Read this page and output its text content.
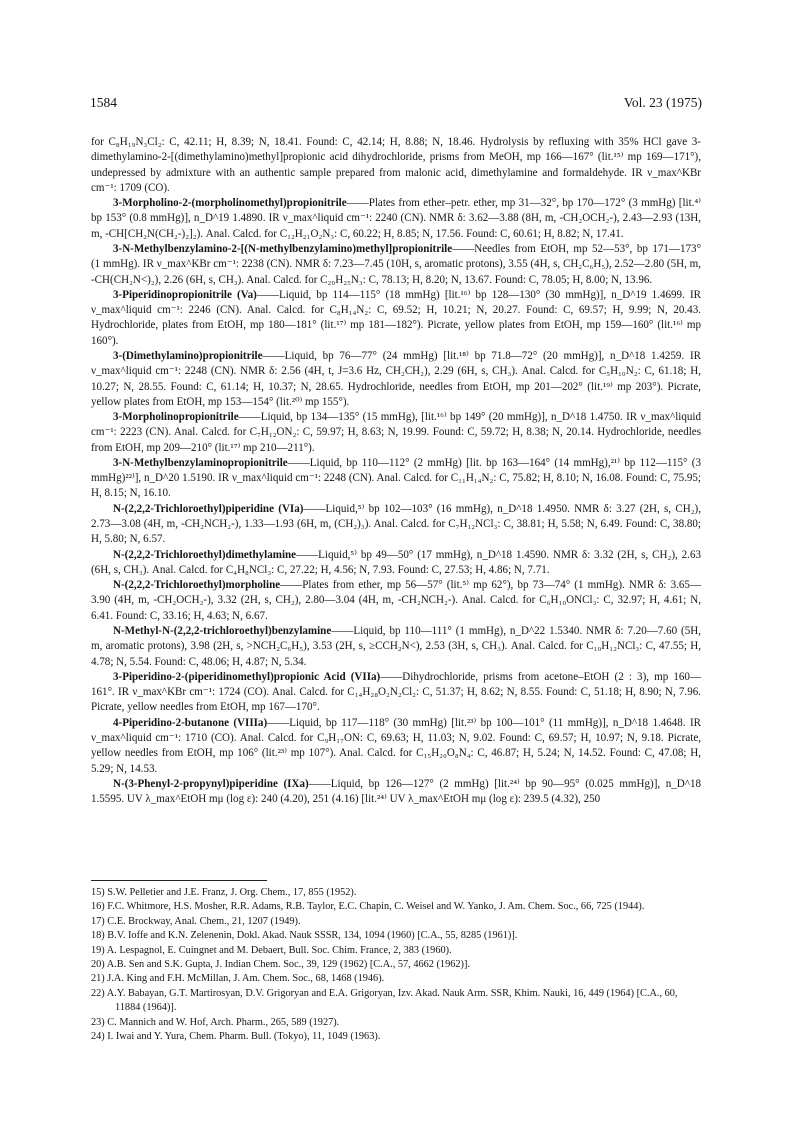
1584	Vol. 23 (1975)

for C₈H₁₉N₃Cl₂: C, 42.11; H, 8.39; N, 18.41. Found: C, 42.14; H, 8.88; N, 18.46. Hydrolysis by refluxing with 35% HCl gave 3-dimethylamino-2-[(dimethylamino)methyl]propionic acid dihydrochloride, prisms from MeOH, mp 166—167° (lit.¹⁵⁾ mp 169—171°), undepressed by admixture with an authentic sample prepared from malonic acid, dimethylamine and formaldehyde. IR ν_max^KBr cm⁻¹: 1709 (CO).

3-Morpholino-2-(morpholinomethyl)propionitrile——Plates from ether–petr. ether, mp 31—32°, bp 170—172° (3 mmHg) [lit.⁴⁾ bp 153° (0.8 mmHg)], n_D^19 1.4890. IR ν_max^liquid cm⁻¹: 2240 (CN). NMR δ: 3.62—3.88 (8H, m, -CH₂OCH₂-), 2.43—2.93 (13H, m, -CH[CH₂N(CH₂-)₂]₂). Anal. Calcd. for C₁₂H₂₁O₂N₃: C, 60.22; H, 8.85; N, 17.56. Found: C, 60.61; H, 8.82; N, 17.41.

3-N-Methylbenzylamino-2-[(N-methylbenzylamino)methyl]propionitrile——Needles from EtOH, mp 52—53°, bp 171—173° (1 mmHg). IR ν_max^KBr cm⁻¹: 2238 (CN). NMR δ: 7.23—7.45 (10H, s, aromatic protons), 3.55 (4H, s, CH₂C₆H₅), 2.52—2.80 (5H, m, -CH(CH₂N<)₂), 2.26 (6H, s, CH₃). Anal. Calcd. for C₂₀H₂₅N₃: C, 78.13; H, 8.20; N, 13.67. Found: C, 78.05; H, 8.00; N, 13.96.

3-Piperidinopropionitrile (Va)——Liquid, bp 114—115° (18 mmHg) [lit.¹⁶⁾ bp 128—130° (30 mmHg)], n_D^19 1.4699. IR ν_max^liquid cm⁻¹: 2246 (CN). Anal. Calcd. for C₈H₁₄N₂: C, 69.52; H, 10.21; N, 20.27. Found: C, 69.57; H, 9.99; N, 20.43. Hydrochloride, plates from EtOH, mp 180—181° (lit.¹⁷⁾ mp 181—182°). Picrate, yellow plates from EtOH, mp 159—160° (lit.¹⁶⁾ mp 160°).

3-(Dimethylamino)propionitrile——Liquid, bp 76—77° (24 mmHg) [lit.¹⁸⁾ bp 71.8—72° (20 mmHg)], n_D^18 1.4259. IR ν_max^liquid cm⁻¹: 2248 (CN). NMR δ: 2.56 (4H, t, J=3.6 Hz, CH₂CH₂), 2.29 (6H, s, CH₃). Anal. Calcd. for C₅H₁₀N₂: C, 61.18; H, 10.27; N, 28.55. Found: C, 61.14; H, 10.37; N, 28.65. Hydrochloride, needles from EtOH, mp 201—202° (lit.¹⁹⁾ mp 203°). Picrate, yellow plates from EtOH, mp 153—154° (lit.²⁰⁾ mp 155°).

3-Morpholinopropionitrile——Liquid, bp 134—135° (15 mmHg), [lit.¹⁶⁾ bp 149° (20 mmHg)], n_D^18 1.4750. IR ν_max^liquid cm⁻¹: 2223 (CN). Anal. Calcd. for C₇H₁₂ON₂: C, 59.97; H, 8.63; N, 19.99. Found: C, 59.72; H, 8.38; N, 20.14. Hydrochloride, needles from EtOH, mp 209—210° (lit.¹⁷⁾ mp 210—211°).

3-N-Methylbenzylaminopropionitrile——Liquid, bp 110—112° (2 mmHg) [lit. bp 163—164° (14 mmHg),²¹⁾ bp 112—115° (3 mmHg)²²⁾], n_D^20 1.5190. IR ν_max^liquid cm⁻¹: 2248 (CN). Anal. Calcd. for C₁₁H₁₄N₂: C, 75.82; H, 8.10; N, 16.08. Found: C, 75.95; H, 8.15; N, 16.10.

N-(2,2,2-Trichloroethyl)piperidine (VIa)——Liquid,⁵⁾ bp 102—103° (16 mmHg), n_D^18 1.4950. NMR δ: 3.27 (2H, s, CH₂), 2.73—3.08 (4H, m, -CH₂NCH₂-), 1.33—1.93 (6H, m, (CH₂)₃). Anal. Calcd. for C₇H₁₂NCl₃: C, 38.81; H, 5.58; N, 6.49. Found: C, 38.80; H, 5.80; N, 6.57.

N-(2,2,2-Trichloroethyl)dimethylamine——Liquid,⁵⁾ bp 49—50° (17 mmHg), n_D^18 1.4590. NMR δ: 3.32 (2H, s, CH₂), 2.63 (6H, s, CH₃). Anal. Calcd. for C₄H₈NCl₃: C, 27.22; H, 4.56; N, 7.93. Found: C, 27.53; H, 4.86; N, 7.71.

N-(2,2,2-Trichloroethyl)morpholine——Plates from ether, mp 56—57° (lit.⁵⁾ mp 62°), bp 73—74° (1 mmHg). NMR δ: 3.65—3.90 (4H, m, -CH₂OCH₂-), 3.32 (2H, s, CH₂), 2.80—3.04 (4H, m, -CH₂NCH₂-). Anal. Calcd. for C₆H₁₀ONCl₃: C, 32.97; H, 4.61; N, 6.41. Found: C, 33.16; H, 4.63; N, 6.67.

N-Methyl-N-(2,2,2-trichloroethyl)benzylamine——Liquid, bp 110—111° (1 mmHg), n_D^22 1.5340. NMR δ: 7.20—7.60 (5H, m, aromatic protons), 3.98 (2H, s, >NCH₂C₆H₅), 3.53 (2H, s, ≥CCH₂N<), 2.53 (3H, s, CH₃). Anal. Calcd. for C₁₀H₁₂NCl₃: C, 47.55; H, 4.78; N, 5.54. Found: C, 48.06; H, 4.87; N, 5.34.

3-Piperidino-2-(piperidinomethyl)propionic Acid (VIIa)——Dihydrochloride, prisms from acetone–EtOH (2 : 3), mp 160—161°. IR ν_max^KBr cm⁻¹: 1724 (CO). Anal. Calcd. for C₁₄H₂₈O₂N₂Cl₂: C, 51.37; H, 8.62; N, 8.55. Found: C, 51.18; H, 8.90; N, 7.96. Picrate, yellow needles from EtOH, mp 167—170°.

4-Piperidino-2-butanone (VIIIa)——Liquid, bp 117—118° (30 mmHg) [lit.²³⁾ bp 100—101° (11 mmHg)], n_D^18 1.4648. IR ν_max^liquid cm⁻¹: 1710 (CO). Anal. Calcd. for C₉H₁₇ON: C, 69.63; H, 11.03; N, 9.02. Found: C, 69.57; H, 10.97; N, 9.18. Picrate, yellow needles from EtOH, mp 106° (lit.²³⁾ mp 107°). Anal. Calcd. for C₁₅H₂₀O₈N₄: C, 46.87; H, 5.24; N, 14.52. Found: C, 47.08; H, 5.29; N, 14.53.

N-(3-Phenyl-2-propynyl)piperidine (IXa)——Liquid, bp 126—127° (2 mmHg) [lit.²⁴⁾ bp 90—95° (0.025 mmHg)], n_D^18 1.5595. UV λ_max^EtOH mμ (log ε): 240 (4.20), 251 (4.16) [lit.²⁴⁾ UV λ_max^EtOH mμ (log ε): 239.5 (4.32), 250

15) S.W. Pelletier and J.E. Franz, J. Org. Chem., 17, 855 (1952).
16) F.C. Whitmore, H.S. Mosher, R.R. Adams, R.B. Taylor, E.C. Chapin, C. Weisel and W. Yanko, J. Am. Chem. Soc., 66, 725 (1944).
17) C.E. Brockway, Anal. Chem., 21, 1207 (1949).
18) B.V. Ioffe and K.N. Zelenenin, Dokl. Akad. Nauk SSSR, 134, 1094 (1960) [C.A., 55, 8285 (1961)].
19) A. Lespagnol, E. Cuingnet and M. Debaert, Bull. Soc. Chim. France, 2, 383 (1960).
20) A.B. Sen and S.K. Gupta, J. Indian Chem. Soc., 39, 129 (1962) [C.A., 57, 4662 (1962)].
21) J.A. King and F.H. McMillan, J. Am. Chem. Soc., 68, 1468 (1946).
22) A.Y. Babayan, G.T. Martirosyan, D.V. Grigoryan and E.A. Grigoryan, Izv. Akad. Nauk Arm. SSR, Khim. Nauki, 16, 449 (1964) [C.A., 60, 11884 (1964)].
23) C. Mannich and W. Hof, Arch. Pharm., 265, 589 (1927).
24) I. Iwai and Y. Yura, Chem. Pharm. Bull. (Tokyo), 11, 1049 (1963).
